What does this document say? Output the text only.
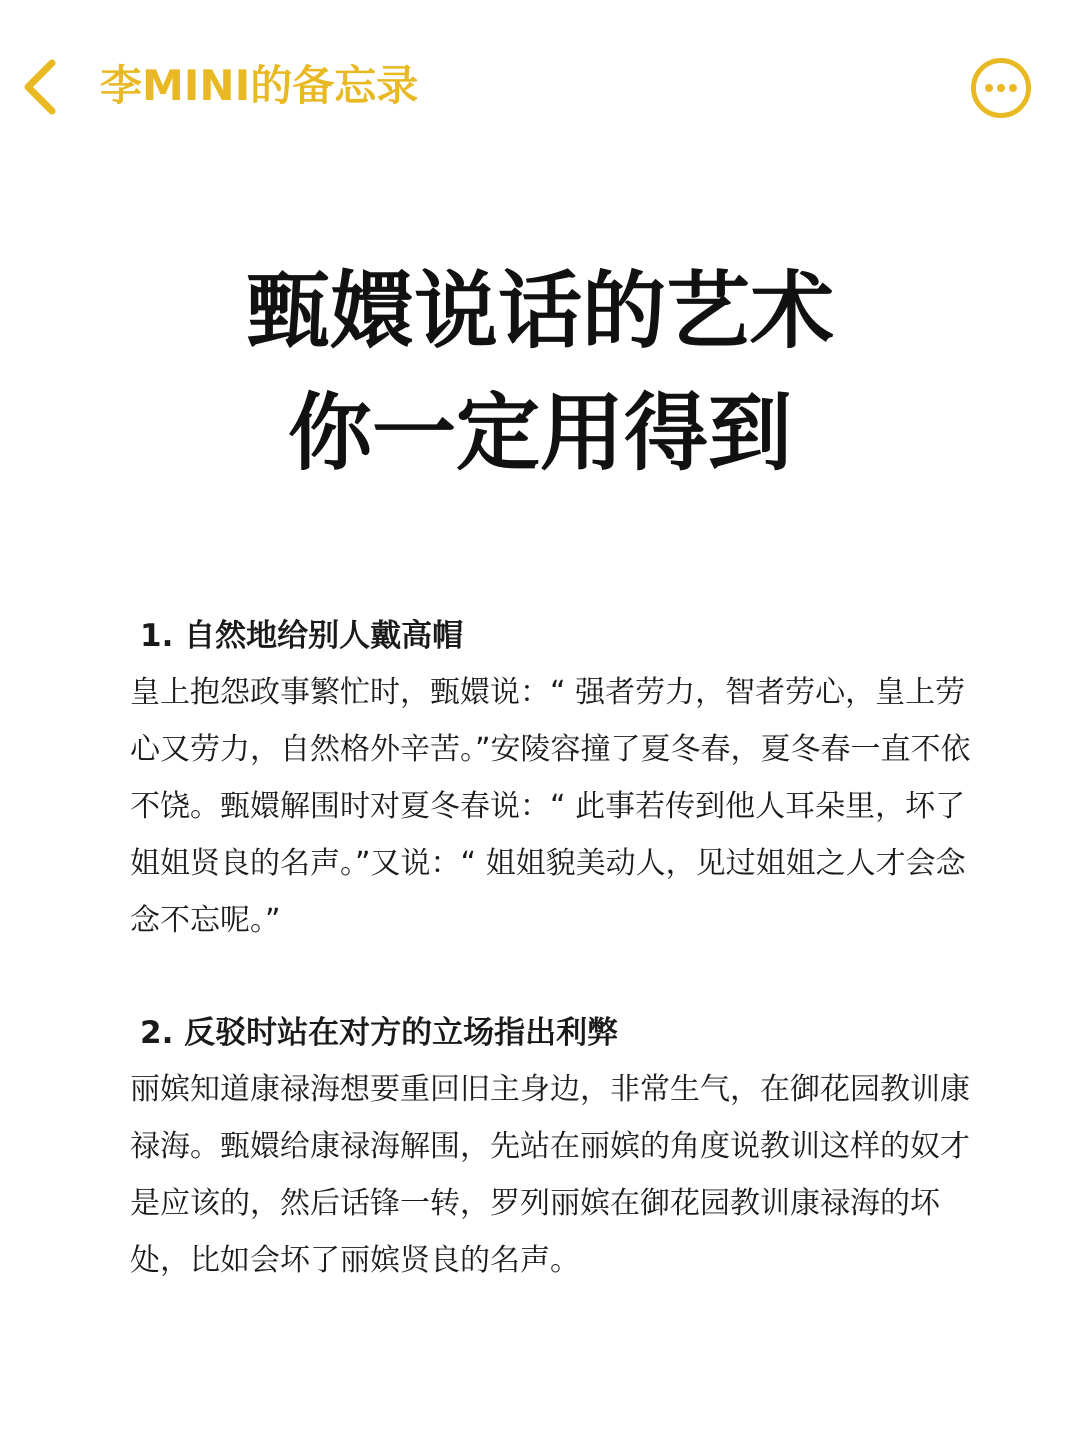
李MINI的备忘录
甄嬛说话的艺术
你一定用得到
1. 自然地给别人戴高帽

皇上抱怨政事繁忙时，甄嬛说：“ 强者劳力，智者劳心，皇上劳心又劳力，自然格外辛苦。”安陵容撞了夏冬春，夏冬春一直不依不饶。甄嬛解围时对夏冬春说：“ 此事若传到他人耳朵里，坏了姐姐贤良的名声。”又说：“ 姐姐貌美动人，见过姐姐之人才会念念不忘呢。”

2. 反驳时站在对方的立场指出利弊

丽嫔知道康禄海想要重回旧主身边，非常生气，在御花园教训康禄海。甄嬛给康禄海解围，先站在丽嫔的角度说教训这样的奴才是应该的，然后话锋一转，罗列丽嫔在御花园教训康禄海的坏处，比如会坏了丽嫔贤良的名声。
